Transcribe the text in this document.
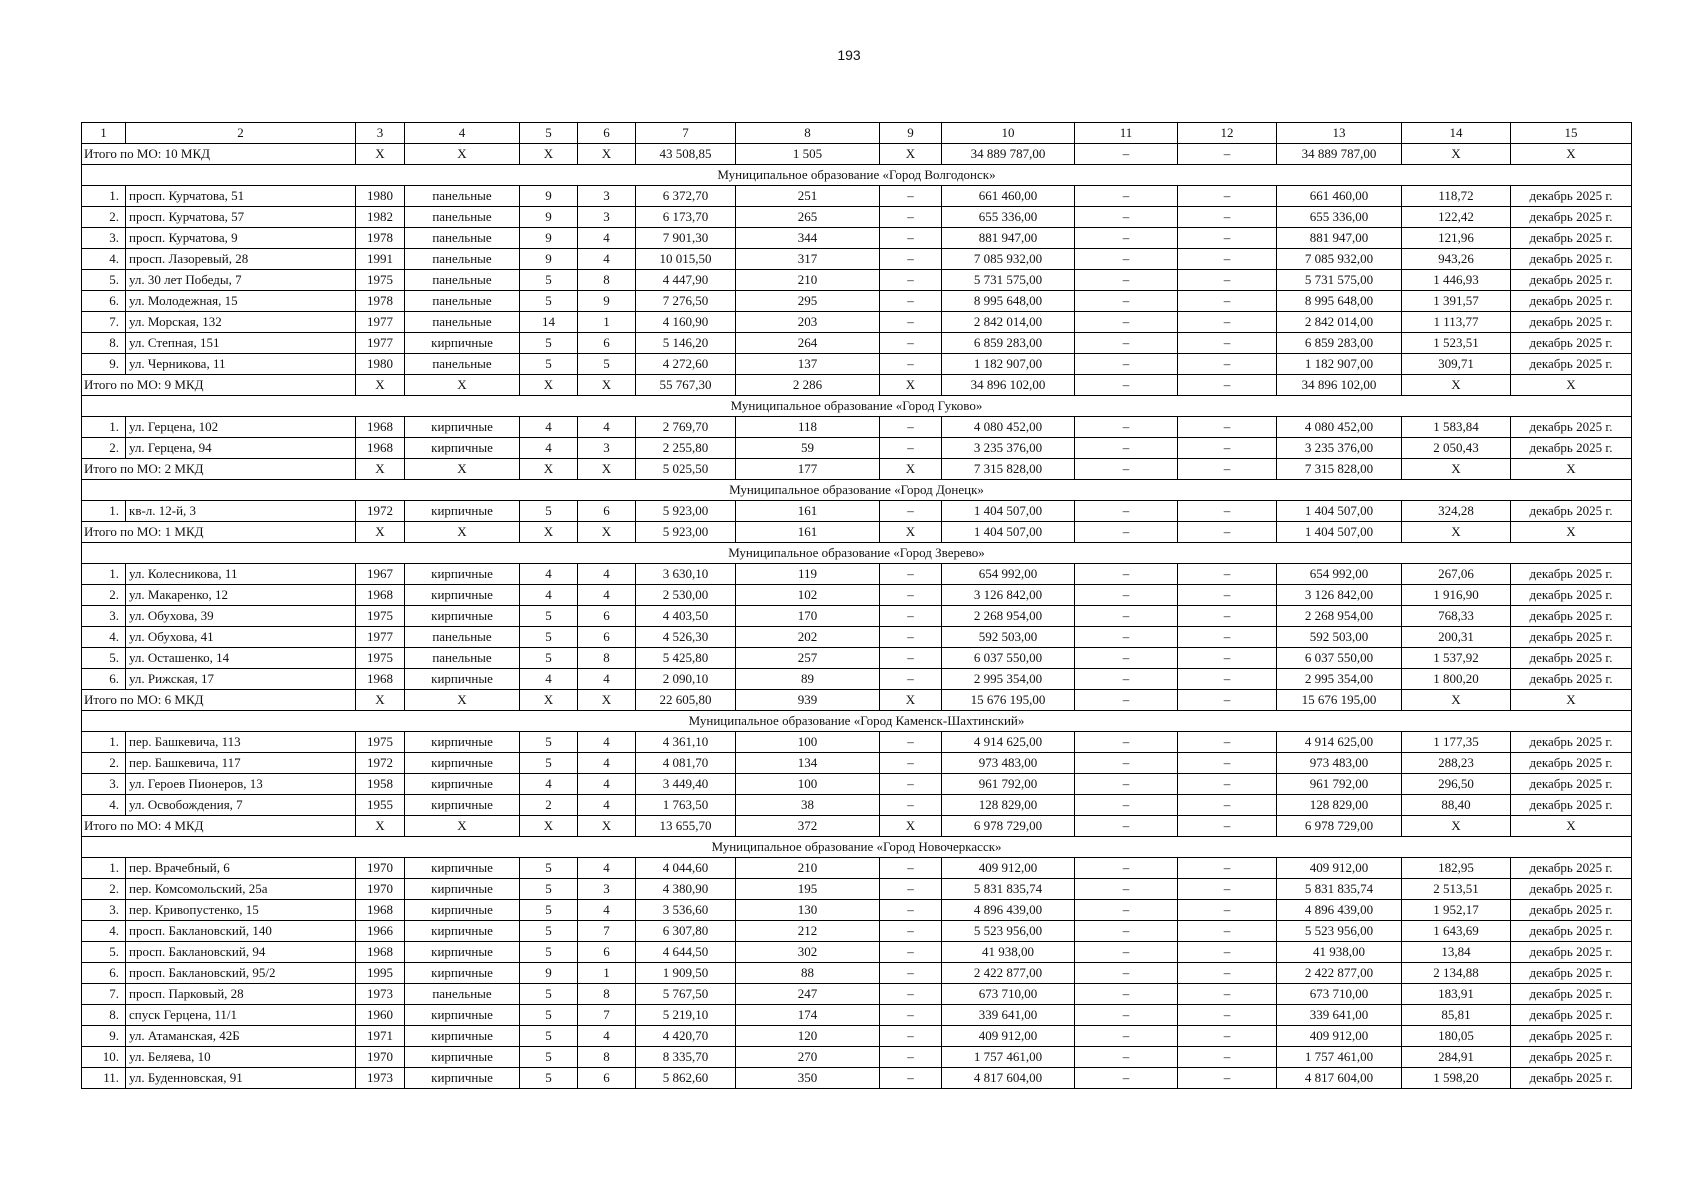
193
1	2	3	4	5	6	7	8	9	10	11	12	13	14	15
Итого по МО: 10 МКД		X	X	X	X	43 508,85	1 505	X	34 889 787,00	–	–	34 889 787,00	X	X
Муниципальное образование «Город Волгодонск»														
1.	просп. Курчатова, 51	1980	панельные	9	3	6 372,70	251	–	661 460,00	–	–	661 460,00	118,72	декабрь 2025 г.
2.	просп. Курчатова, 57	1982	панельные	9	3	6 173,70	265	–	655 336,00	–	–	655 336,00	122,42	декабрь 2025 г.
3.	просп. Курчатова, 9	1978	панельные	9	4	7 901,30	344	–	881 947,00	–	–	881 947,00	121,96	декабрь 2025 г.
4.	просп. Лазоревый, 28	1991	панельные	9	4	10 015,50	317	–	7 085 932,00	–	–	7 085 932,00	943,26	декабрь 2025 г.
5.	ул. 30 лет Победы, 7	1975	панельные	5	8	4 447,90	210	–	5 731 575,00	–	–	5 731 575,00	1 446,93	декабрь 2025 г.
6.	ул. Молодежная, 15	1978	панельные	5	9	7 276,50	295	–	8 995 648,00	–	–	8 995 648,00	1 391,57	декабрь 2025 г.
7.	ул. Морская, 132	1977	панельные	14	1	4 160,90	203	–	2 842 014,00	–	–	2 842 014,00	1 113,77	декабрь 2025 г.
8.	ул. Степная, 151	1977	кирпичные	5	6	5 146,20	264	–	6 859 283,00	–	–	6 859 283,00	1 523,51	декабрь 2025 г.
9.	ул. Черникова, 11	1980	панельные	5	5	4 272,60	137	–	1 182 907,00	–	–	1 182 907,00	309,71	декабрь 2025 г.
Итого по МО: 9 МКД		X	X	X	X	55 767,30	2 286	X	34 896 102,00	–	–	34 896 102,00	X	X
Муниципальное образование «Город Гуково»														
1.	ул. Герцена, 102	1968	кирпичные	4	4	2 769,70	118	–	4 080 452,00	–	–	4 080 452,00	1 583,84	декабрь 2025 г.
2.	ул. Герцена, 94	1968	кирпичные	4	3	2 255,80	59	–	3 235 376,00	–	–	3 235 376,00	2 050,43	декабрь 2025 г.
Итого по МО: 2 МКД		X	X	X	X	5 025,50	177	X	7 315 828,00	–	–	7 315 828,00	X	X
Муниципальное образование «Город Донецк»														
1.	кв-л. 12-й, 3	1972	кирпичные	5	6	5 923,00	161	–	1 404 507,00	–	–	1 404 507,00	324,28	декабрь 2025 г.
Итого по МО: 1 МКД		X	X	X	X	5 923,00	161	X	1 404 507,00	–	–	1 404 507,00	X	X
Муниципальное образование «Город Зверево»														
1.	ул. Колесникова, 11	1967	кирпичные	4	4	3 630,10	119	–	654 992,00	–	–	654 992,00	267,06	декабрь 2025 г.
2.	ул. Макаренко, 12	1968	кирпичные	4	4	2 530,00	102	–	3 126 842,00	–	–	3 126 842,00	1 916,90	декабрь 2025 г.
3.	ул. Обухова, 39	1975	кирпичные	5	6	4 403,50	170	–	2 268 954,00	–	–	2 268 954,00	768,33	декабрь 2025 г.
4.	ул. Обухова, 41	1977	панельные	5	6	4 526,30	202	–	592 503,00	–	–	592 503,00	200,31	декабрь 2025 г.
5.	ул. Осташенко, 14	1975	панельные	5	8	5 425,80	257	–	6 037 550,00	–	–	6 037 550,00	1 537,92	декабрь 2025 г.
6.	ул. Рижская, 17	1968	кирпичные	4	4	2 090,10	89	–	2 995 354,00	–	–	2 995 354,00	1 800,20	декабрь 2025 г.
Итого по МО: 6 МКД		X	X	X	X	22 605,80	939	X	15 676 195,00	–	–	15 676 195,00	X	X
Муниципальное образование «Город Каменск-Шахтинский»														
1.	пер. Башкевича, 113	1975	кирпичные	5	4	4 361,10	100	–	4 914 625,00	–	–	4 914 625,00	1 177,35	декабрь 2025 г.
2.	пер. Башкевича, 117	1972	кирпичные	5	4	4 081,70	134	–	973 483,00	–	–	973 483,00	288,23	декабрь 2025 г.
3.	ул. Героев Пионеров, 13	1958	кирпичные	4	4	3 449,40	100	–	961 792,00	–	–	961 792,00	296,50	декабрь 2025 г.
4.	ул. Освобождения, 7	1955	кирпичные	2	4	1 763,50	38	–	128 829,00	–	–	128 829,00	88,40	декабрь 2025 г.
Итого по МО: 4 МКД		X	X	X	X	13 655,70	372	X	6 978 729,00	–	–	6 978 729,00	X	X
Муниципальное образование «Город Новочеркасск»														
1.	пер. Врачебный, 6	1970	кирпичные	5	4	4 044,60	210	–	409 912,00	–	–	409 912,00	182,95	декабрь 2025 г.
2.	пер. Комсомольский, 25а	1970	кирпичные	5	3	4 380,90	195	–	5 831 835,74	–	–	5 831 835,74	2 513,51	декабрь 2025 г.
3.	пер. Кривопустенко, 15	1968	кирпичные	5	4	3 536,60	130	–	4 896 439,00	–	–	4 896 439,00	1 952,17	декабрь 2025 г.
4.	просп. Баклановский, 140	1966	кирпичные	5	7	6 307,80	212	–	5 523 956,00	–	–	5 523 956,00	1 643,69	декабрь 2025 г.
5.	просп. Баклановский, 94	1968	кирпичные	5	6	4 644,50	302	–	41 938,00	–	–	41 938,00	13,84	декабрь 2025 г.
6.	просп. Баклановский, 95/2	1995	кирпичные	9	1	1 909,50	88	–	2 422 877,00	–	–	2 422 877,00	2 134,88	декабрь 2025 г.
7.	просп. Парковый, 28	1973	панельные	5	8	5 767,50	247	–	673 710,00	–	–	673 710,00	183,91	декабрь 2025 г.
8.	спуск Герцена, 11/1	1960	кирпичные	5	7	5 219,10	174	–	339 641,00	–	–	339 641,00	85,81	декабрь 2025 г.
9.	ул. Атаманская, 42Б	1971	кирпичные	5	4	4 420,70	120	–	409 912,00	–	–	409 912,00	180,05	декабрь 2025 г.
10.	ул. Беляева, 10	1970	кирпичные	5	8	8 335,70	270	–	1 757 461,00	–	–	1 757 461,00	284,91	декабрь 2025 г.
11.	ул. Буденновская, 91	1973	кирпичные	5	6	5 862,60	350	–	4 817 604,00	–	–	4 817 604,00	1 598,20	декабрь 2025 г.
